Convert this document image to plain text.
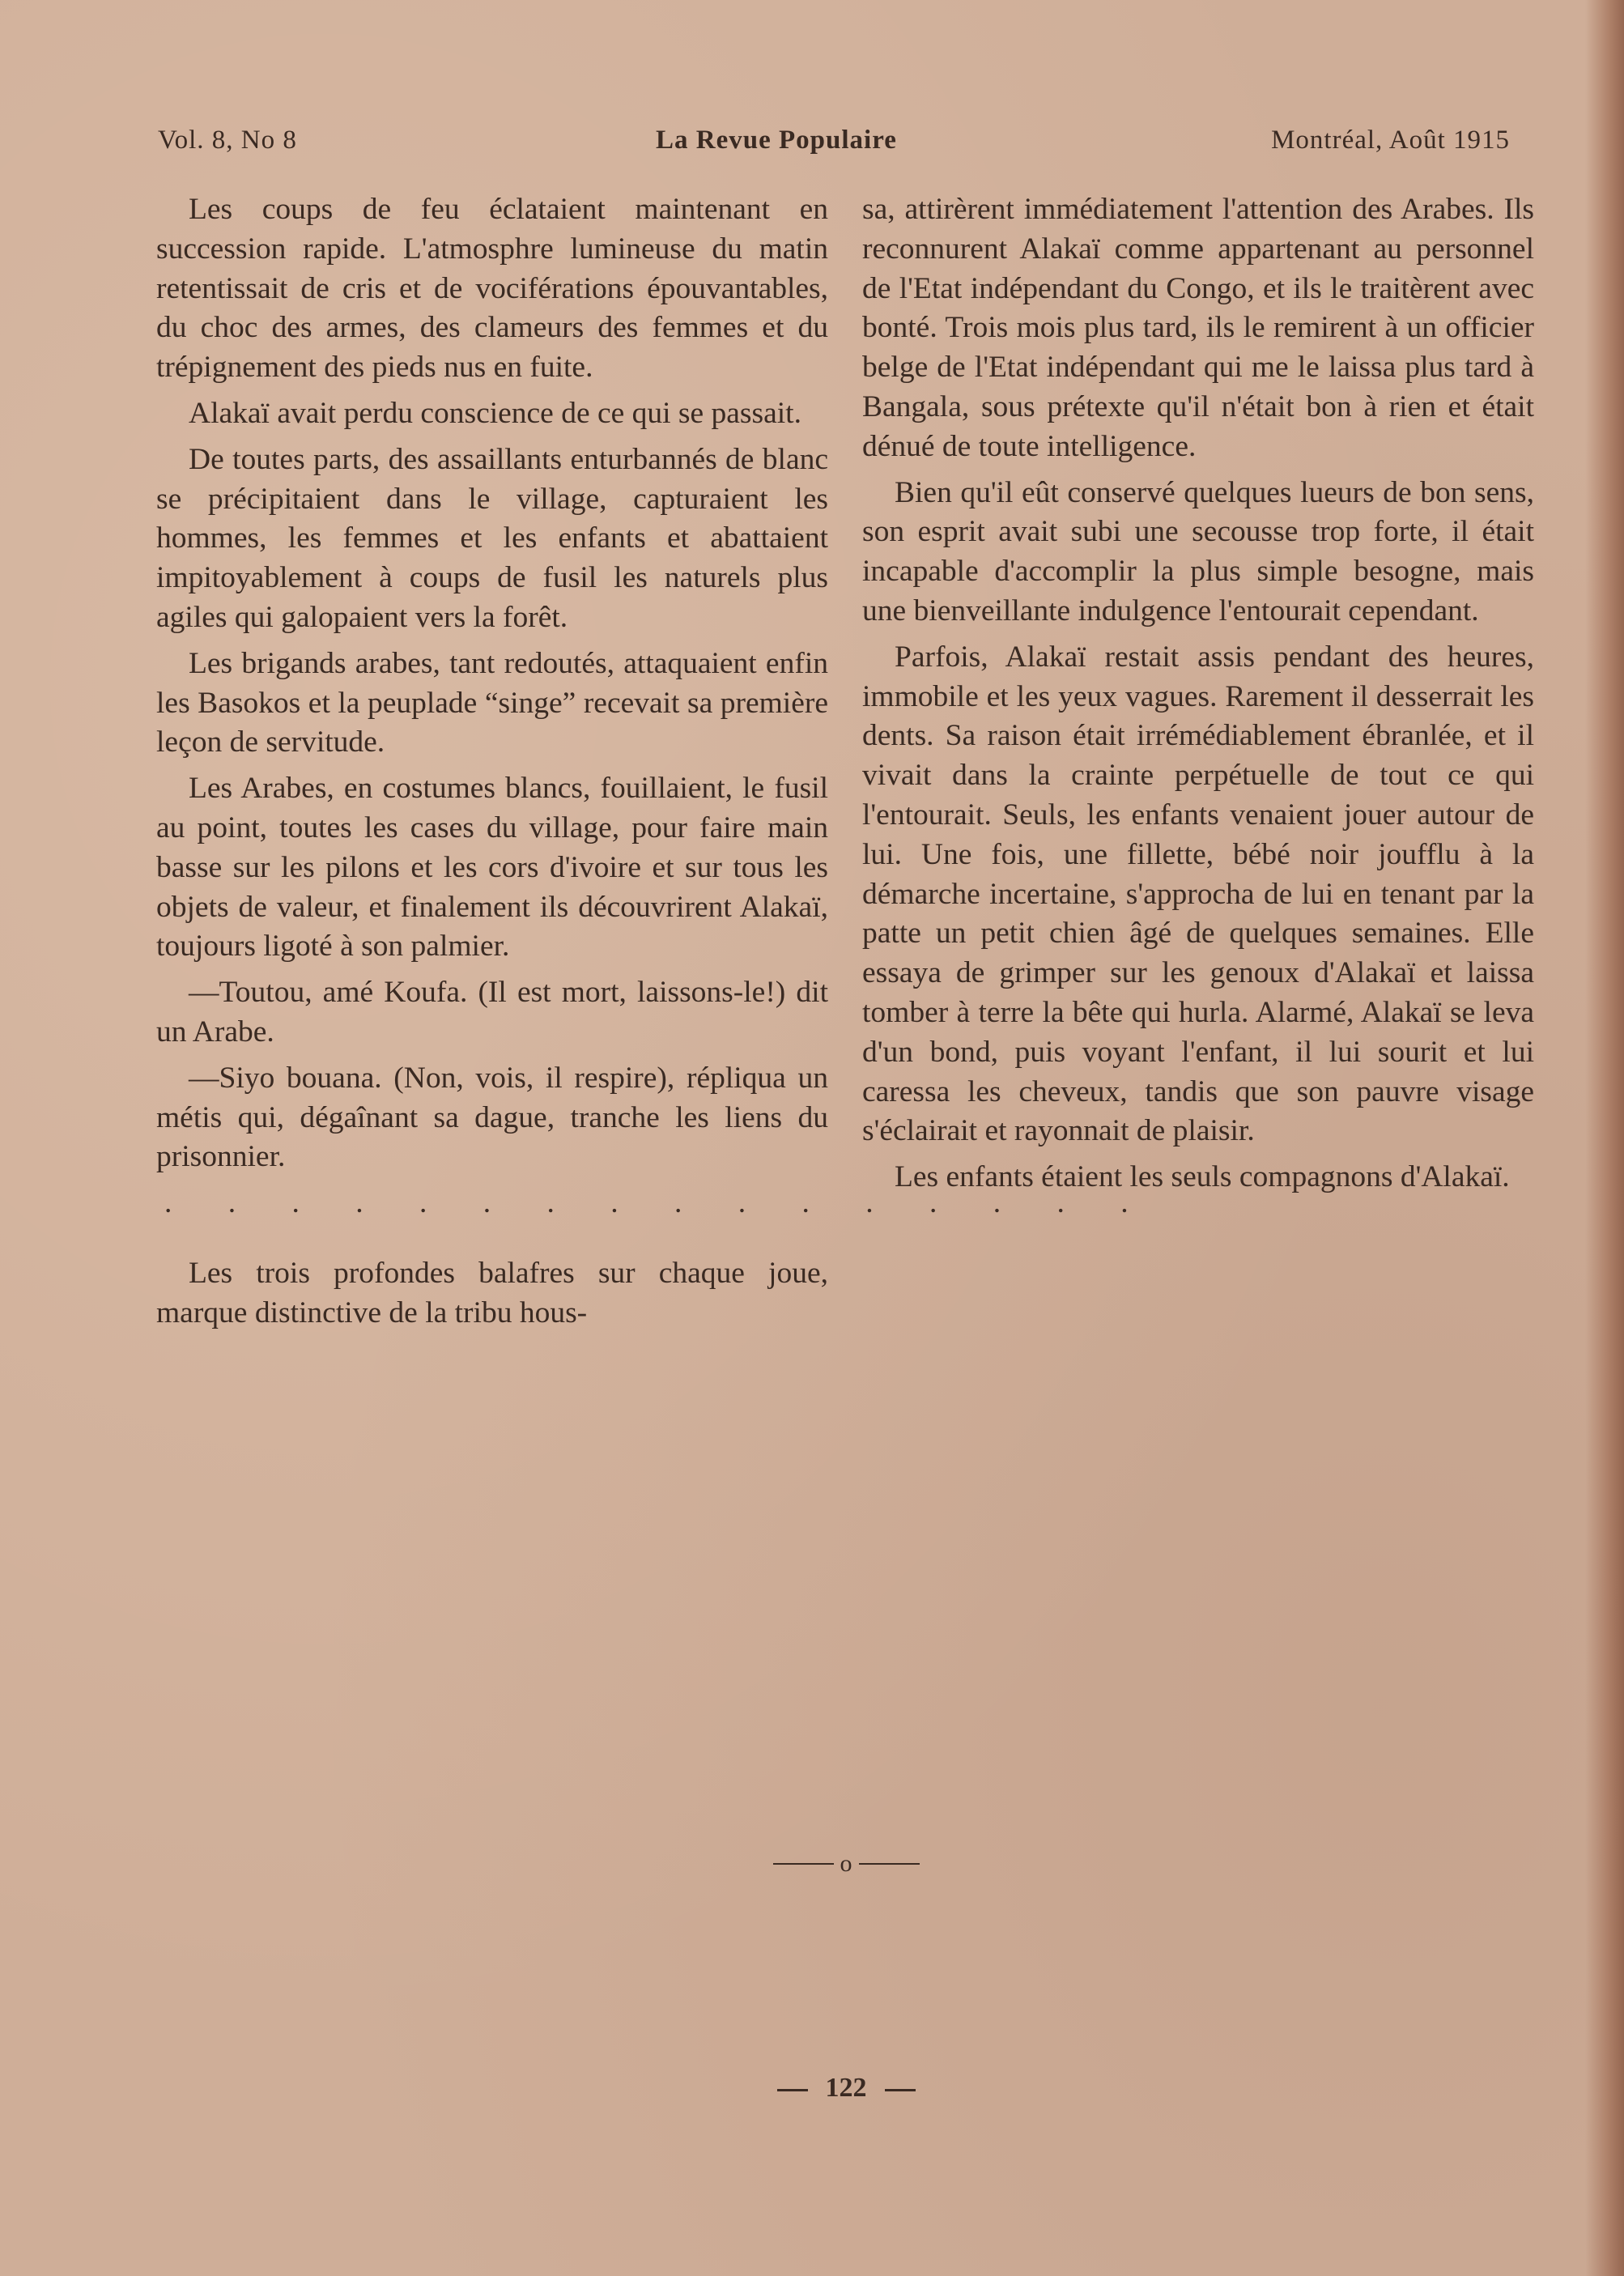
Vol. 8, No 8	La Revue Populaire	Montréal, Août 1915

Les coups de feu éclataient maintenant en succession rapide. L'atmosphre lumineuse du matin retentissait de cris et de vociférations épouvantables, du choc des armes, des clameurs des femmes et du trépignement des pieds nus en fuite.

Alakaï avait perdu conscience de ce qui se passait.

De toutes parts, des assaillants enturbannés de blanc se précipitaient dans le village, capturaient les hommes, les femmes et les enfants et abattaient impitoyablement à coups de fusil les naturels plus agiles qui galopaient vers la forêt.

Les brigands arabes, tant redoutés, attaquaient enfin les Basokos et la peuplade “singe” recevait sa première leçon de servitude.

Les Arabes, en costumes blancs, fouillaient, le fusil au point, toutes les cases du village, pour faire main basse sur les pilons et les cors d'ivoire et sur tous les objets de valeur, et finalement ils découvrirent Alakaï, toujours ligoté à son palmier.

—Toutou, amé Koufa. (Il est mort, laissons-le!) dit un Arabe.

—Siyo bouana. (Non, vois, il respire), répliqua un métis qui, dégaînant sa dague, tranche les liens du prisonnier.

. . . . . . . . . . . . . . . .

Les trois profondes balafres sur chaque joue, marque distinctive de la tribu hous-

sa, attirèrent immédiatement l'attention des Arabes. Ils reconnurent Alakaï comme appartenant au personnel de l'Etat indépendant du Congo, et ils le traitèrent avec bonté. Trois mois plus tard, ils le remirent à un officier belge de l'Etat indépendant qui me le laissa plus tard à Bangala, sous prétexte qu'il n'était bon à rien et était dénué de toute intelligence.

Bien qu'il eût conservé quelques lueurs de bon sens, son esprit avait subi une secousse trop forte, il était incapable d'accomplir la plus simple besogne, mais une bienveillante indulgence l'entourait cependant.

Parfois, Alakaï restait assis pendant des heures, immobile et les yeux vagues. Rarement il desserrait les dents. Sa raison était irrémédiablement ébranlée, et il vivait dans la crainte perpétuelle de tout ce qui l'entourait. Seuls, les enfants venaient jouer autour de lui. Une fois, une fillette, bébé noir joufflu à la démarche incertaine, s'approcha de lui en tenant par la patte un petit chien âgé de quelques semaines. Elle essaya de grimper sur les genoux d'Alakaï et laissa tomber à terre la bête qui hurla. Alarmé, Alakaï se leva d'un bond, puis voyant l'enfant, il lui sourit et lui caressa les cheveux, tandis que son pauvre visage s'éclairait et rayonnait de plaisir.

Les enfants étaient les seuls compagnons d'Alakaï.

o
122
